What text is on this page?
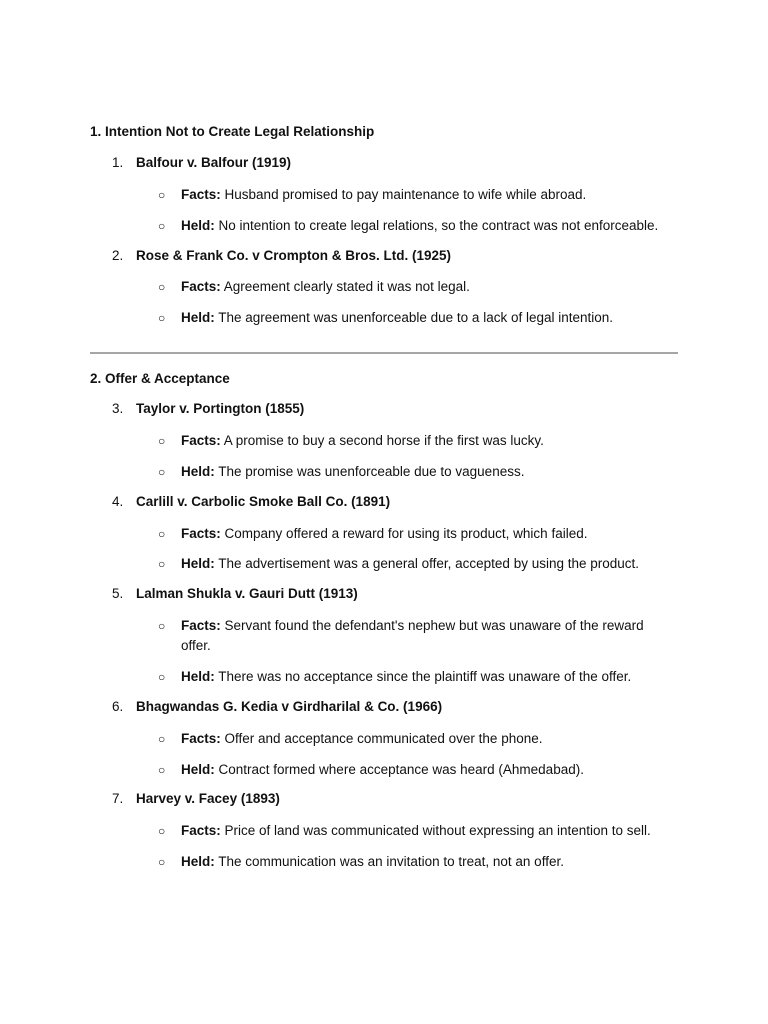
1. Intention Not to Create Legal Relationship
1. Balfour v. Balfour (1919)
○ Facts: Husband promised to pay maintenance to wife while abroad.
○ Held: No intention to create legal relations, so the contract was not enforceable.
2. Rose & Frank Co. v Crompton & Bros. Ltd. (1925)
○ Facts: Agreement clearly stated it was not legal.
○ Held: The agreement was unenforceable due to a lack of legal intention.
2. Offer & Acceptance
3. Taylor v. Portington (1855)
○ Facts: A promise to buy a second horse if the first was lucky.
○ Held: The promise was unenforceable due to vagueness.
4. Carlill v. Carbolic Smoke Ball Co. (1891)
○ Facts: Company offered a reward for using its product, which failed.
○ Held: The advertisement was a general offer, accepted by using the product.
5. Lalman Shukla v. Gauri Dutt (1913)
○ Facts: Servant found the defendant's nephew but was unaware of the reward offer.
○ Held: There was no acceptance since the plaintiff was unaware of the offer.
6. Bhagwandas G. Kedia v Girdharilal & Co. (1966)
○ Facts: Offer and acceptance communicated over the phone.
○ Held: Contract formed where acceptance was heard (Ahmedabad).
7. Harvey v. Facey (1893)
○ Facts: Price of land was communicated without expressing an intention to sell.
○ Held: The communication was an invitation to treat, not an offer.
